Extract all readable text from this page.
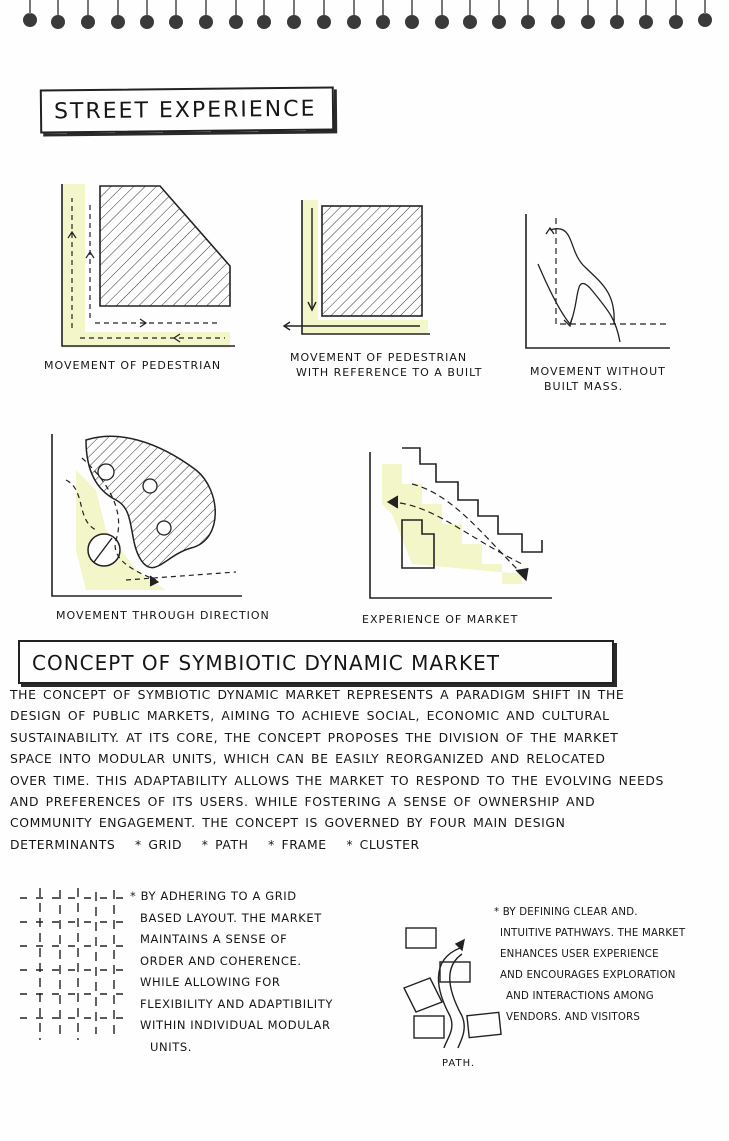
STREET EXPERIENCE
MOVEMENT OF PEDESTRIAN
MOVEMENT OF PEDESTRIAN
WITH REFERENCE TO A BUILT	MOVEMENT WITHOUT
BUILT MASS.
MOVEMENT THROUGH DIRECTION	EXPERIENCE OF MARKET
CONCEPT OF SYMBIOTIC DYNAMIC MARKET
THE CONCEPT OF SYMBIOTIC DYNAMIC MARKET REPRESENTS A PARADIGM SHIFT IN THE
DESIGN OF PUBLIC MARKETS, AIMING TO ACHIEVE SOCIAL, ECONOMIC AND CULTURAL
SUSTAINABILITY. AT ITS CORE, THE CONCEPT PROPOSES THE DIVISION OF THE MARKET
SPACE INTO MODULAR UNITS, WHICH CAN BE EASILY REORGANIZED AND RELOCATED
OVER TIME. THIS ADAPTABILITY ALLOWS THE MARKET TO RESPOND TO THE EVOLVING NEEDS
AND PREFERENCES OF ITS USERS. WHILE FOSTERING A SENSE OF OWNERSHIP AND
COMMUNITY ENGAGEMENT. THE CONCEPT IS GOVERNED BY FOUR MAIN DESIGN
DETERMINANTS   * GRID   * PATH   * FRAME   * CLUSTER
* BY ADHERING TO A GRID
BASED LAYOUT. THE MARKET
MAINTAINS A SENSE OF
ORDER AND COHERENCE.
WHILE ALLOWING FOR
FLEXIBILITY AND ADAPTIBILITY
WITHIN INDIVIDUAL MODULAR
UNITS.
PATH.
* BY DEFINING CLEAR AND.
INTUITIVE PATHWAYS. THE MARKET
ENHANCES USER EXPERIENCE
AND ENCOURAGES EXPLORATION
AND INTERACTIONS AMONG
VENDORS. AND VISITORS
